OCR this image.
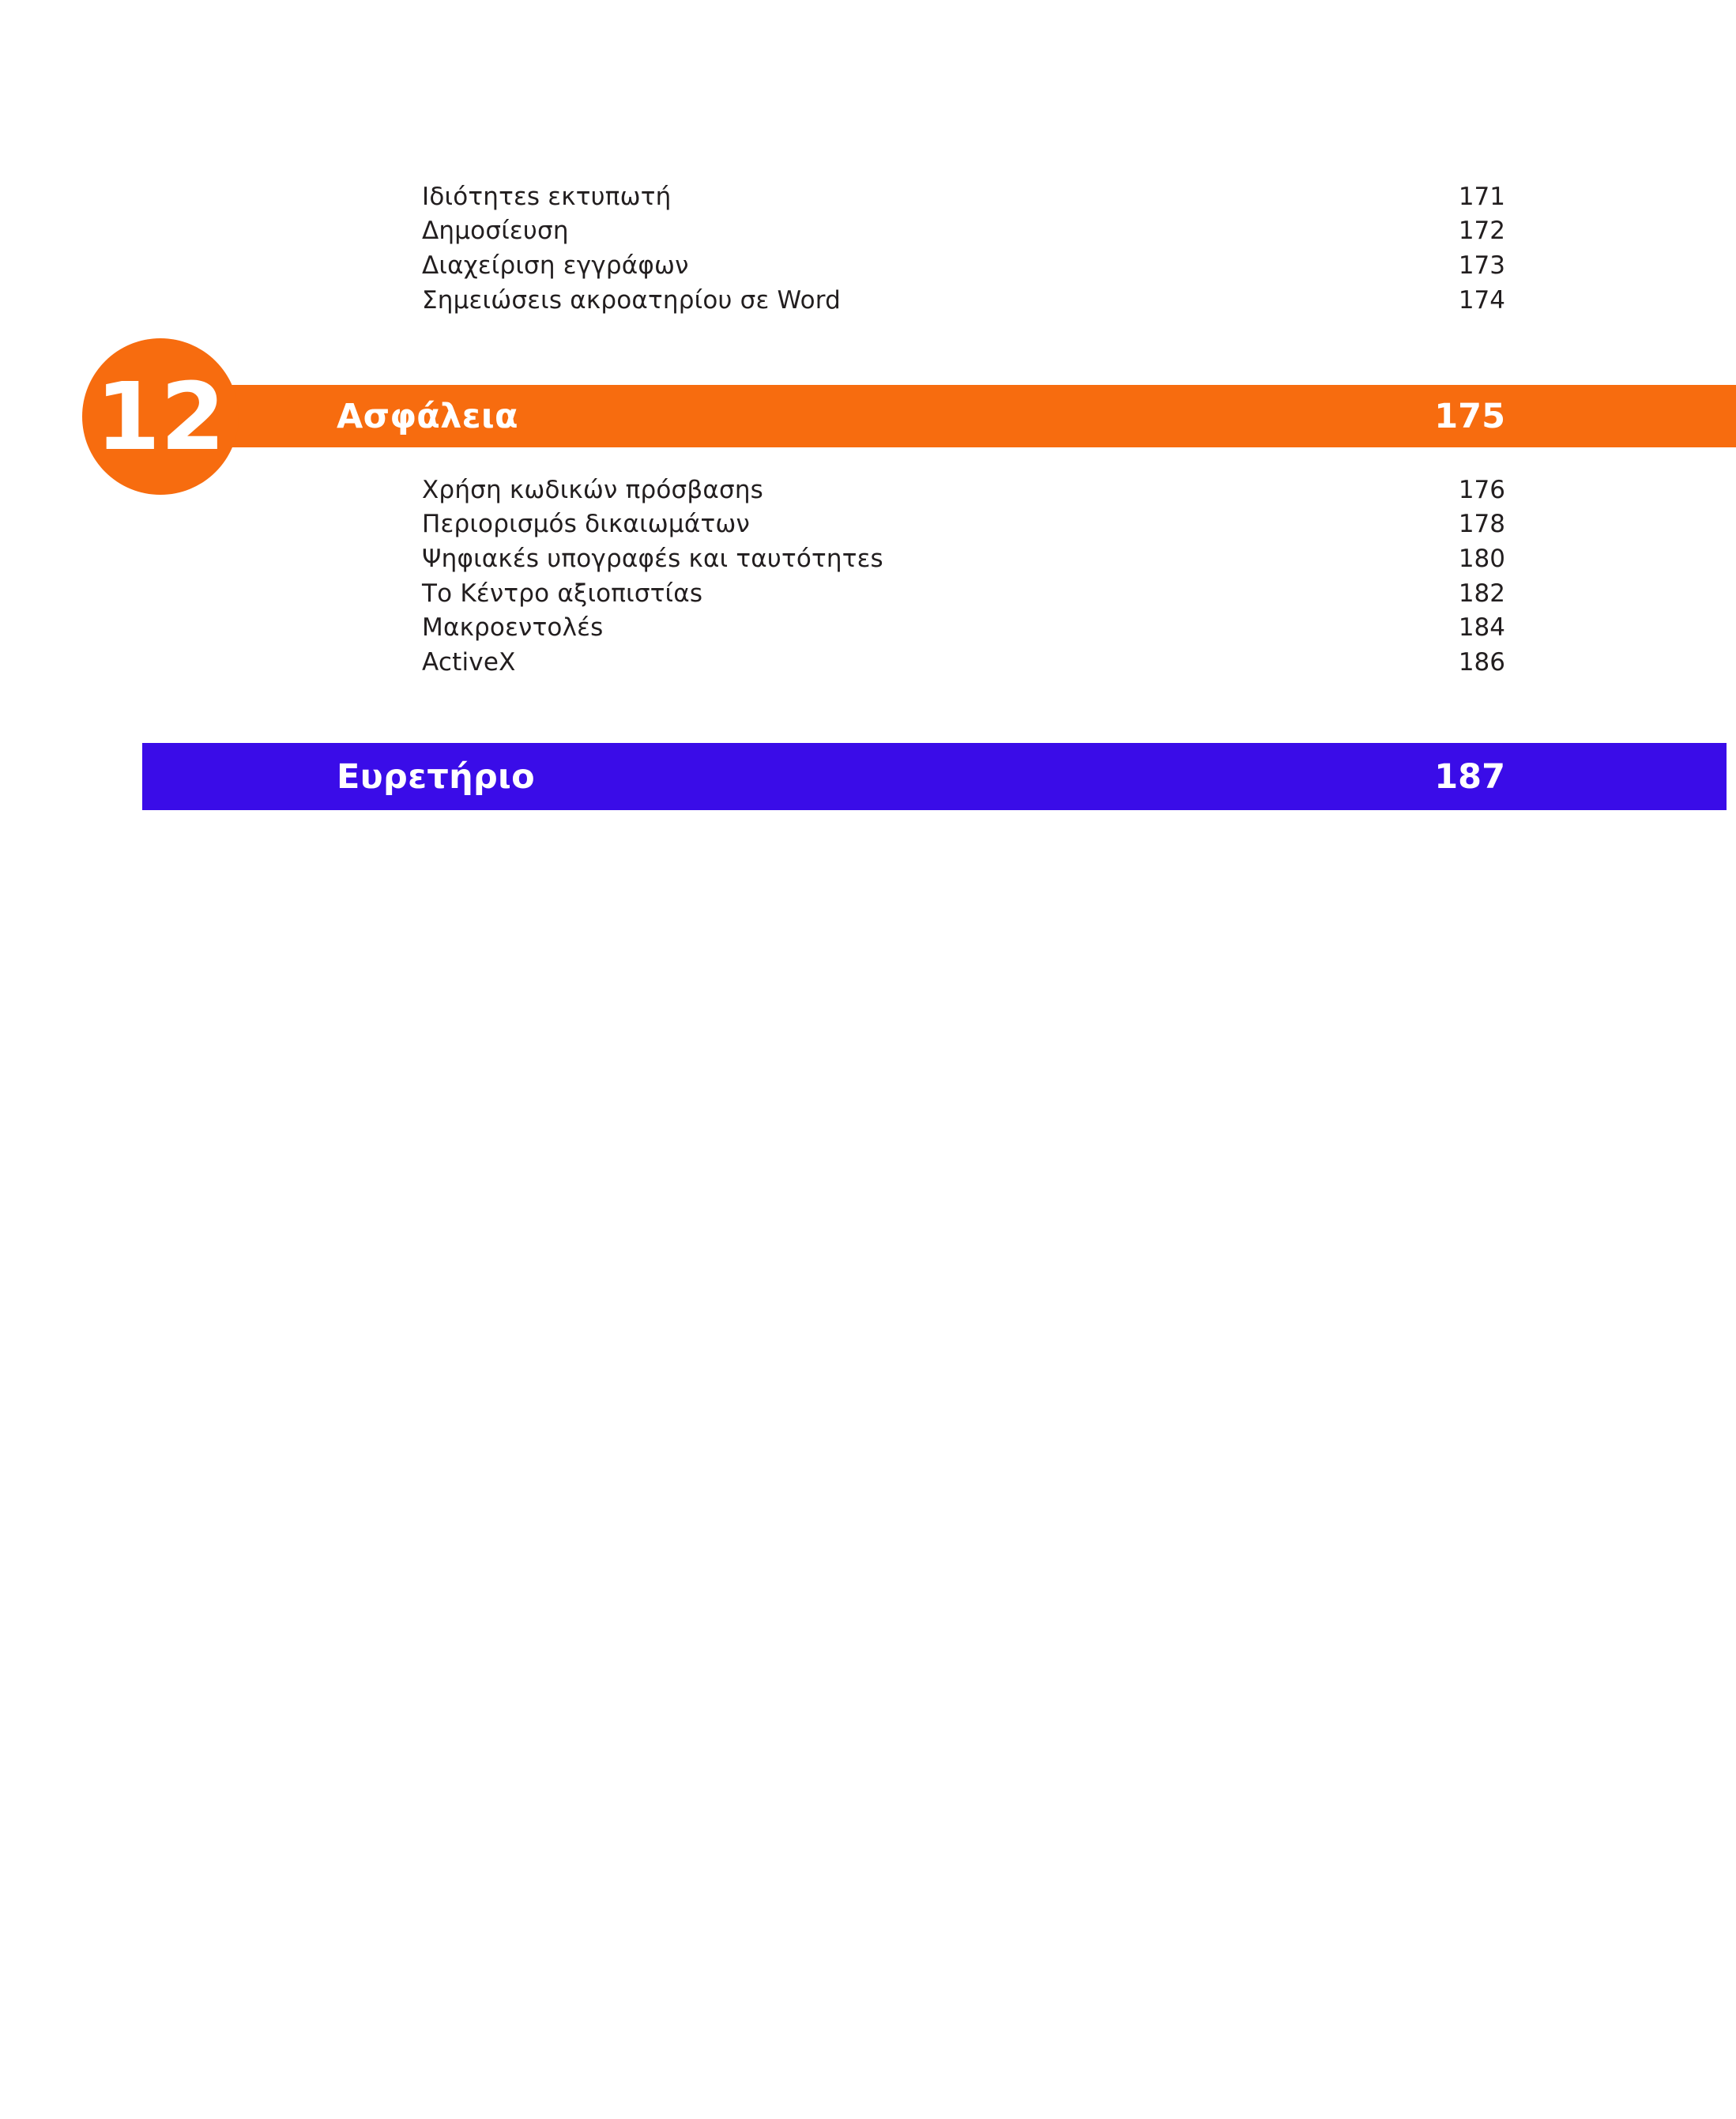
Ιδιότητεs εκτυπωτή	171
Δημοσίευση	172
Διαχείριση εγγράφων	173
Σημειώσειs ακροατηρίου σε Word	174
12	Ασφάλεια	175
Χρήση κωδικών πρόσβασηs	176
Περιορισμόs δικαιωμάτων	178
Ψηφιακέs υπογραφέs και ταυτότητεs	180
Το Κέντρο αξιοπιστίαs	182
Μακροεντολέs	184
ActiveX	186
Ευρετήριο	187
